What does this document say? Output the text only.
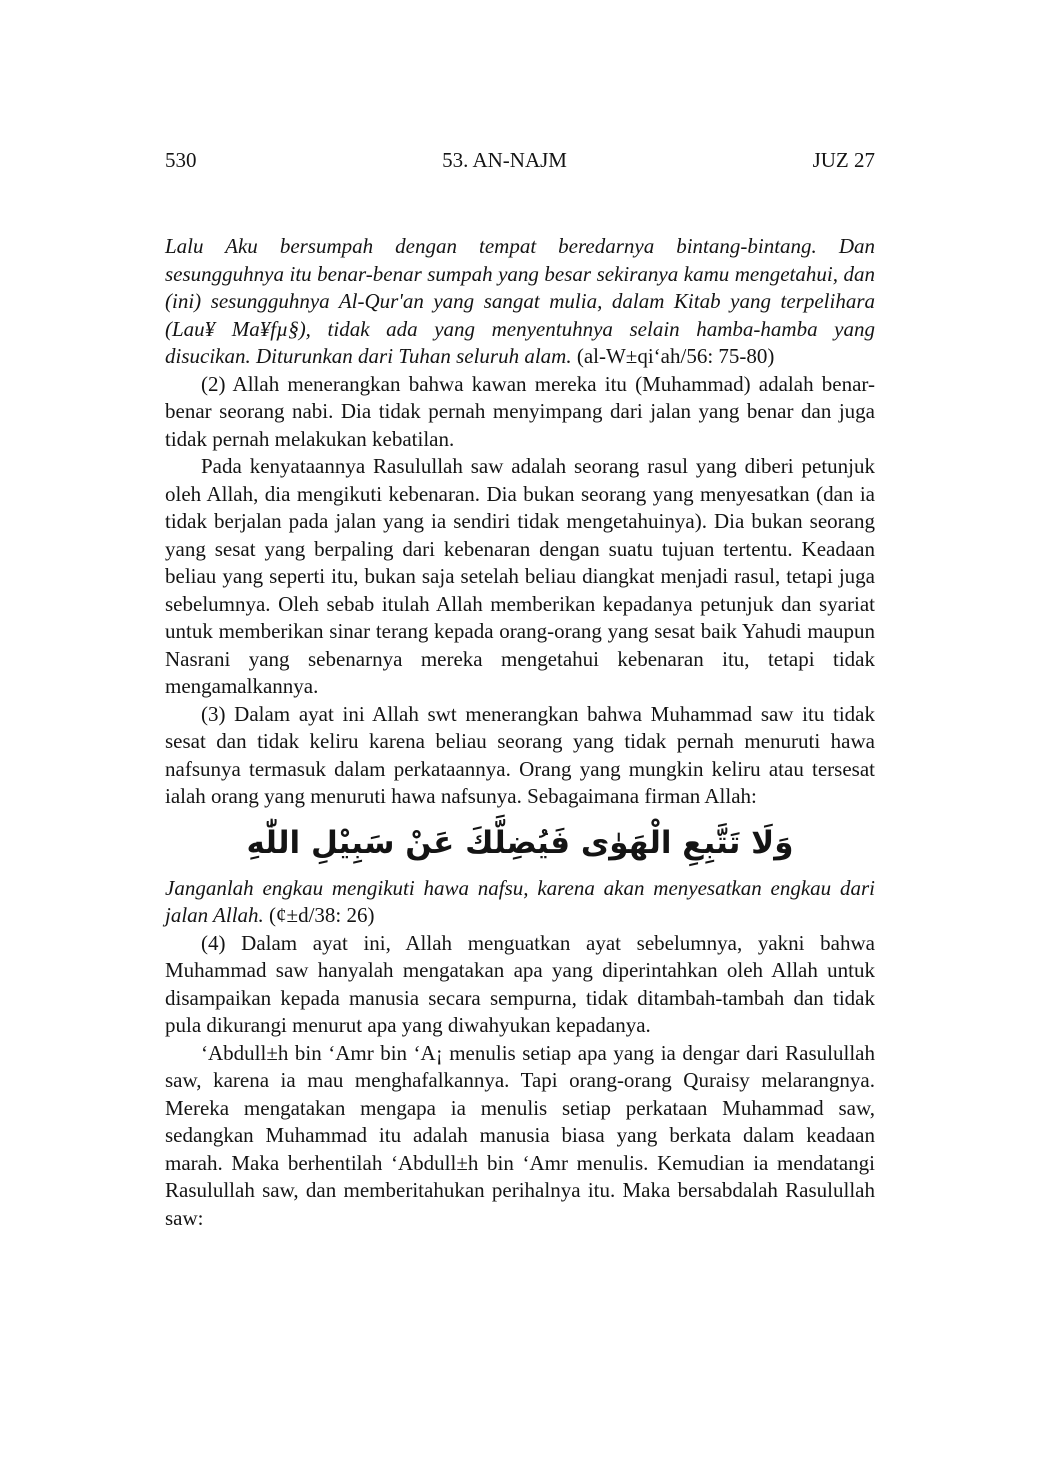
530	53. AN-NAJM	JUZ 27

Lalu Aku bersumpah dengan tempat beredarnya bintang-bintang. Dan sesungguhnya itu benar-benar sumpah yang besar sekiranya kamu mengetahui, dan (ini) sesungguhnya Al-Qur'an yang sangat mulia, dalam Kitab yang terpelihara (Lau¥ Ma¥fµ§), tidak ada yang menyentuhnya selain hamba-hamba yang disucikan. Diturunkan dari Tuhan seluruh alam. (al-W±qi‘ah/56: 75-80)

(2) Allah menerangkan bahwa kawan mereka itu (Muhammad) adalah benar-benar seorang nabi. Dia tidak pernah menyimpang dari jalan yang benar dan juga tidak pernah melakukan kebatilan.

Pada kenyataannya Rasulullah saw adalah seorang rasul yang diberi petunjuk oleh Allah, dia mengikuti kebenaran. Dia bukan seorang yang menyesatkan (dan ia tidak berjalan pada jalan yang ia sendiri tidak mengetahuinya). Dia bukan seorang yang sesat yang berpaling dari kebenaran dengan suatu tujuan tertentu. Keadaan beliau yang seperti itu, bukan saja setelah beliau diangkat menjadi rasul, tetapi juga sebelumnya. Oleh sebab itulah Allah memberikan kepadanya petunjuk dan syariat untuk memberikan sinar terang kepada orang-orang yang sesat baik Yahudi maupun Nasrani yang sebenarnya mereka mengetahui kebenaran itu, tetapi tidak mengamalkannya.

(3) Dalam ayat ini Allah swt menerangkan bahwa Muhammad saw itu tidak sesat dan tidak keliru karena beliau seorang yang tidak pernah menuruti hawa nafsunya termasuk dalam perkataannya. Orang yang mungkin keliru atau tersesat ialah orang yang menuruti hawa nafsunya. Sebagaimana firman Allah:

وَلَا تَتَّبِعِ الْهَوٰى فَيُضِلَّكَ عَنْ سَبِيْلِ اللّٰهِ

Janganlah engkau mengikuti hawa nafsu, karena akan menyesatkan engkau dari jalan Allah. (¢±d/38: 26)

(4) Dalam ayat ini, Allah menguatkan ayat sebelumnya, yakni bahwa Muhammad saw hanyalah mengatakan apa yang diperintahkan oleh Allah untuk disampaikan kepada manusia secara sempurna, tidak ditambah-tambah dan tidak pula dikurangi menurut apa yang diwahyukan kepadanya.

‘Abdull±h bin ‘Amr bin ‘A¡ menulis setiap apa yang ia dengar dari Rasulullah saw, karena ia mau menghafalkannya. Tapi orang-orang Quraisy melarangnya. Mereka mengatakan mengapa ia menulis setiap perkataan Muhammad saw, sedangkan Muhammad itu adalah manusia biasa yang berkata dalam keadaan marah. Maka berhentilah ‘Abdull±h bin ‘Amr menulis. Kemudian ia mendatangi Rasulullah saw, dan memberitahukan perihalnya itu. Maka bersabdalah Rasulullah saw:
